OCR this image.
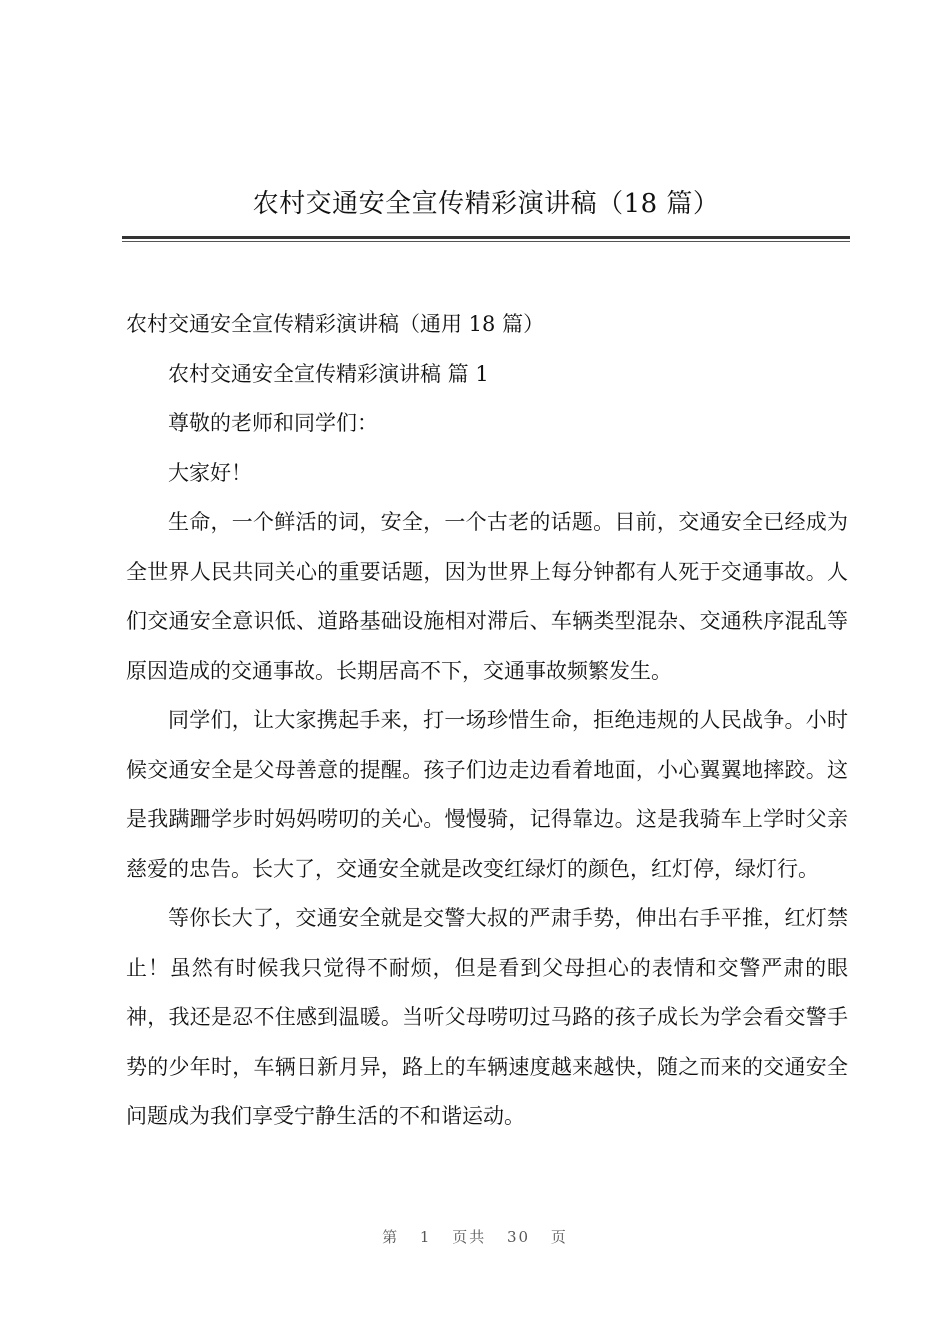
农村交通安全宣传精彩演讲稿（18 篇）

农村交通安全宣传精彩演讲稿（通用 18 篇）

农村交通安全宣传精彩演讲稿 篇 1

尊敬的老师和同学们：

大家好！

生命，一个鲜活的词，安全，一个古老的话题。目前，交通安全已经成为全世界人民共同关心的重要话题，因为世界上每分钟都有人死于交通事故。人们交通安全意识低、道路基础设施相对滞后、车辆类型混杂、交通秩序混乱等原因造成的交通事故。长期居高不下，交通事故频繁发生。

同学们，让大家携起手来，打一场珍惜生命，拒绝违规的人民战争。小时候交通安全是父母善意的提醒。孩子们边走边看着地面，小心翼翼地摔跤。这是我蹒跚学步时妈妈唠叨的关心。慢慢骑，记得靠边。这是我骑车上学时父亲慈爱的忠告。长大了，交通安全就是改变红绿灯的颜色，红灯停，绿灯行。

等你长大了，交通安全就是交警大叔的严肃手势，伸出右手平推，红灯禁止！虽然有时候我只觉得不耐烦，但是看到父母担心的表情和交警严肃的眼神，我还是忍不住感到温暖。当听父母唠叨过马路的孩子成长为学会看交警手势的少年时，车辆日新月异，路上的车辆速度越来越快，随之而来的交通安全问题成为我们享受宁静生活的不和谐运动。

第 1 页共 30 页
